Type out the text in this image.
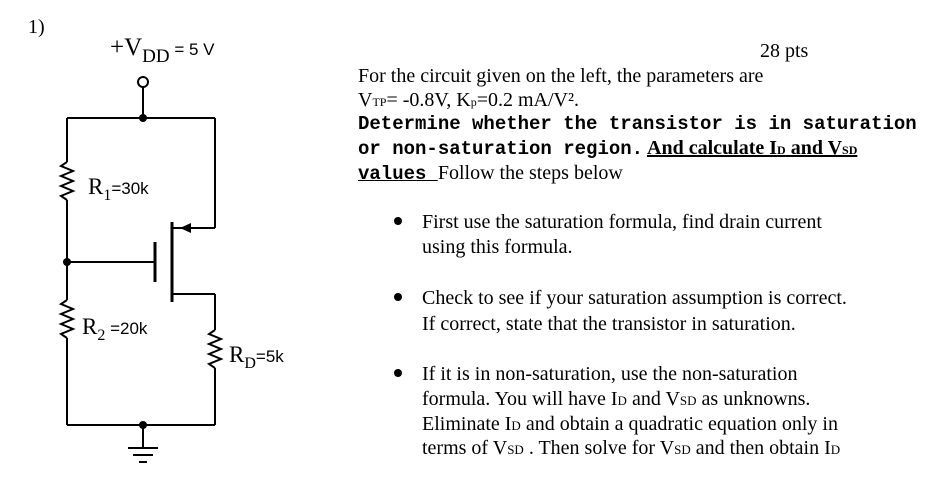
1)
+VDD = 5 V
R1=30k
R2 =20k
RD=5k
28 pts
For the circuit given on the left, the parameters are
VTP= -0.8V, Kp=0.2 mA/V².
Determine whether the transistor is in saturation
or non-saturation region. And calculate ID and VSD
values Follow the steps below
First use the saturation formula, find drain current
using this formula.
Check to see if your saturation assumption is correct.
If correct, state that the transistor in saturation.
If it is in non-saturation, use the non-saturation
formula. You will have ID and VSD as unknowns.
Eliminate ID and obtain a quadratic equation only in
terms of VSD . Then solve for VSD and then obtain ID
